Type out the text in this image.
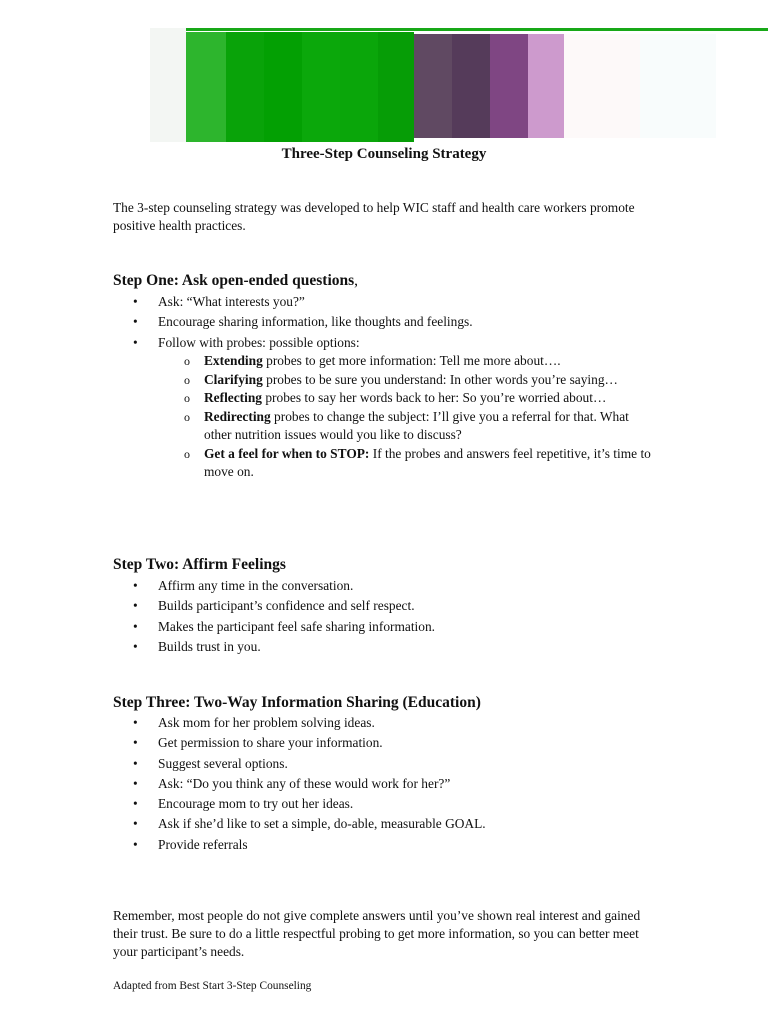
Three-Step Counseling Strategy
The 3-step counseling strategy was developed to help WIC staff and health care workers promote positive health practices.
Step One: Ask open-ended questions,
• Ask: “What interests you?”
• Encourage sharing information, like thoughts and feelings.
• Follow with probes: possible options:
o Extending probes to get more information: Tell me more about….
o Clarifying probes to be sure you understand: In other words you’re saying…
o Reflecting probes to say her words back to her: So you’re worried about…
o Redirecting probes to change the subject: I’ll give you a referral for that. What other nutrition issues would you like to discuss?
o Get a feel for when to STOP: If the probes and answers feel repetitive, it’s time to move on.
Step Two: Affirm Feelings
• Affirm any time in the conversation.
• Builds participant’s confidence and self respect.
• Makes the participant feel safe sharing information.
• Builds trust in you.
Step Three: Two-Way Information Sharing (Education)
• Ask mom for her problem solving ideas.
• Get permission to share your information.
• Suggest several options.
• Ask: “Do you think any of these would work for her?”
• Encourage mom to try out her ideas.
• Ask if she’d like to set a simple, do-able, measurable GOAL.
• Provide referrals
Remember, most people do not give complete answers until you’ve shown real interest and gained their trust. Be sure to do a little respectful probing to get more information, so you can better meet your participant’s needs.
Adapted from Best Start 3-Step Counseling
